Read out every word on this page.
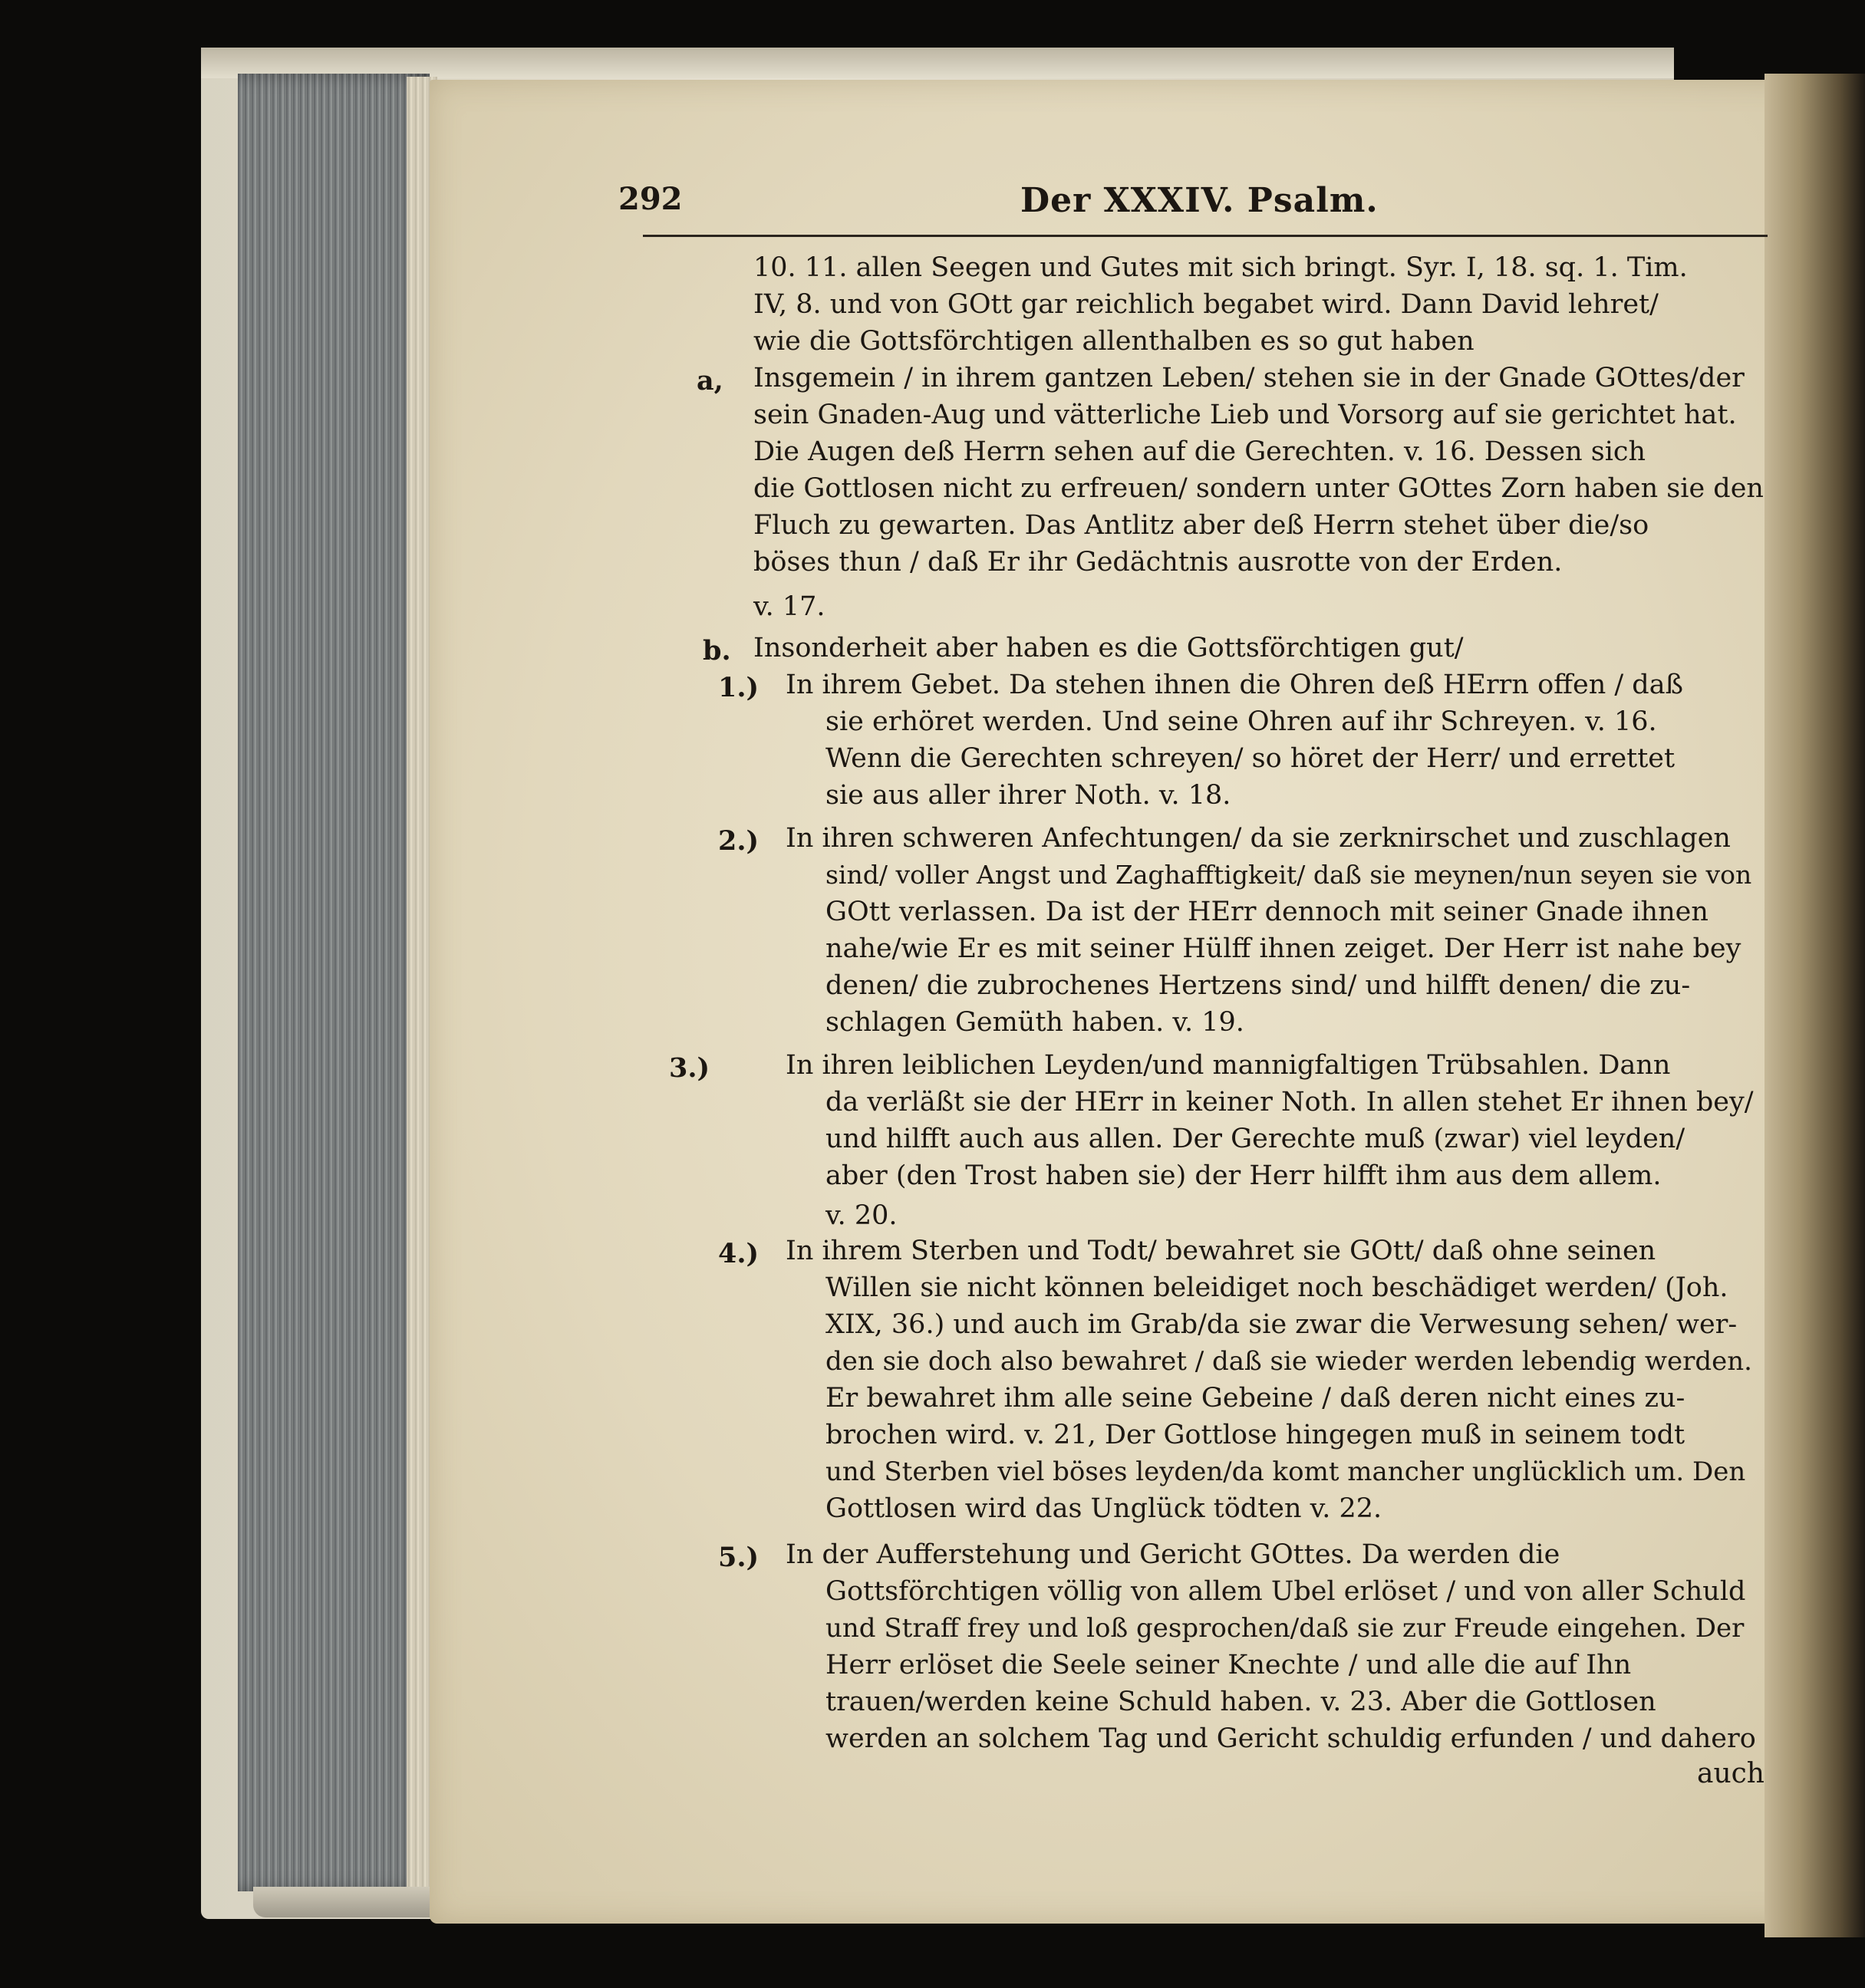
292	Der XXXIV. Psalm.
a,
b.
1.)
2.)
3.)
4.)
5.)
10. 11. allen Seegen und Gutes mit sich bringt. Syr. I, 18. sq. 1. Tim.
IV, 8. und von GOtt gar reichlich begabet wird. Dann David lehret/
wie die Gottsförchtigen allenthalben es so gut haben
Insgemein / in ihrem gantzen Leben/ stehen sie in der Gnade GOttes/der
sein Gnaden-Aug und vätterliche Lieb und Vorsorg auf sie gerichtet hat.
Die Augen deß Herrn sehen auf die Gerechten. v. 16. Dessen sich
die Gottlosen nicht zu erfreuen/ sondern unter GOttes Zorn haben sie den
Fluch zu gewarten. Das Antlitz aber deß Herrn stehet über die/so
böses thun / daß Er ihr Gedächtnis ausrotte von der Erden.
v. 17.
Insonderheit aber haben es die Gottsförchtigen gut/
In ihrem Gebet. Da stehen ihnen die Ohren deß HErrn offen / daß
sie erhöret werden. Und seine Ohren auf ihr Schreyen. v. 16.
Wenn die Gerechten schreyen/ so höret der Herr/ und errettet
sie aus aller ihrer Noth. v. 18.
In ihren schweren Anfechtungen/ da sie zerknirschet und zuschlagen
sind/ voller Angst und Zaghafftigkeit/ daß sie meynen/nun seyen sie von
GOtt verlassen. Da ist der HErr dennoch mit seiner Gnade ihnen
nahe/wie Er es mit seiner Hülff ihnen zeiget. Der Herr ist nahe bey
denen/ die zubrochenes Hertzens sind/ und hilfft denen/ die zu-
schlagen Gemüth haben. v. 19.
In ihren leiblichen Leyden/und mannigfaltigen Trübsahlen. Dann
da verläßt sie der HErr in keiner Noth. In allen stehet Er ihnen bey/
und hilfft auch aus allen. Der Gerechte muß (zwar) viel leyden/
aber (den Trost haben sie) der Herr hilfft ihm aus dem allem.
v. 20.
In ihrem Sterben und Todt/ bewahret sie GOtt/ daß ohne seinen
Willen sie nicht können beleidiget noch beschädiget werden/ (Joh.
XIX, 36.) und auch im Grab/da sie zwar die Verwesung sehen/ wer-
den sie doch also bewahret / daß sie wieder werden lebendig werden.
Er bewahret ihm alle seine Gebeine / daß deren nicht eines zu-
brochen wird. v. 21, Der Gottlose hingegen muß in seinem todt
und Sterben viel böses leyden/da komt mancher unglücklich um. Den
Gottlosen wird das Unglück tödten v. 22.
In der Aufferstehung und Gericht GOttes. Da werden die
Gottsförchtigen völlig von allem Ubel erlöset / und von aller Schuld
und Straff frey und loß gesprochen/daß sie zur Freude eingehen. Der
Herr erlöset die Seele seiner Knechte / und alle die auf Ihn
trauen/werden keine Schuld haben. v. 23. Aber die Gottlosen
werden an solchem Tag und Gericht schuldig erfunden / und dahero
auch
